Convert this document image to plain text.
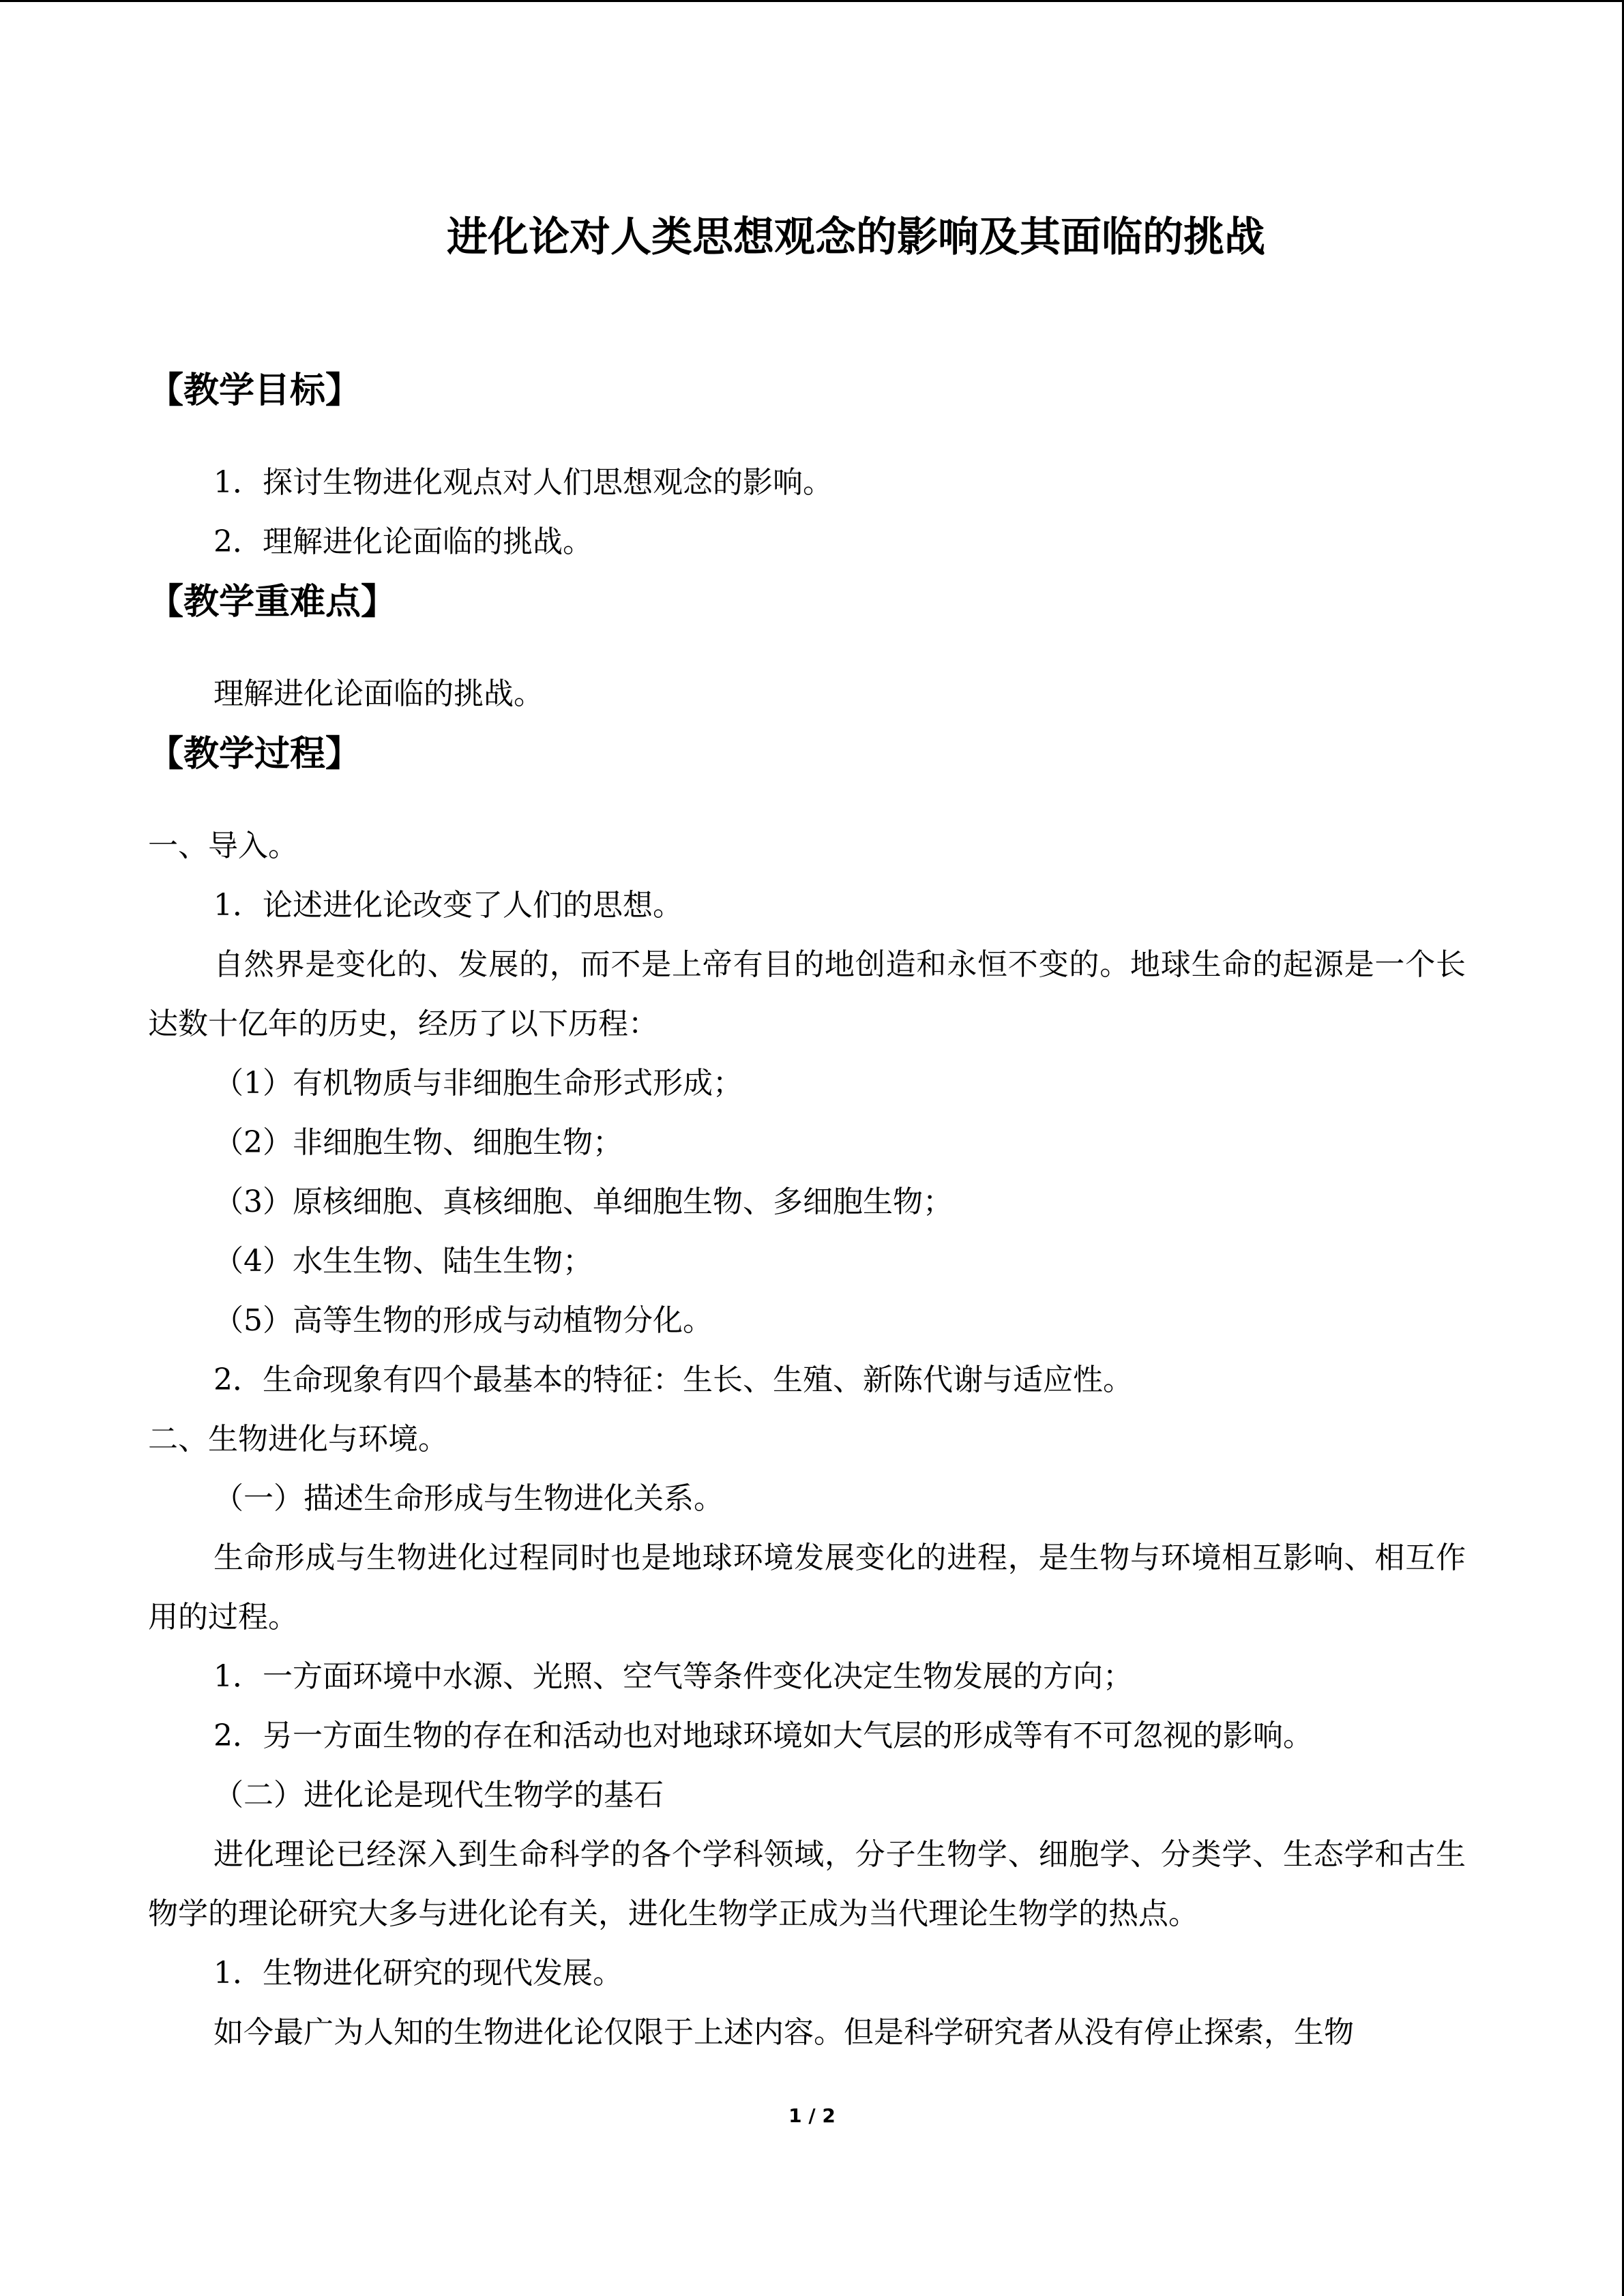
进化论对人类思想观念的影响及其面临的挑战
【教学目标】

1．探讨生物进化观点对人们思想观念的影响。

2．理解进化论面临的挑战。

【教学重难点】

理解进化论面临的挑战。

【教学过程】

一、导入。

1．论述进化论改变了人们的思想。

自然界是变化的、发展的，而不是上帝有目的地创造和永恒不变的。地球生命的起源是一个长达数十亿年的历史，经历了以下历程：

（1）有机物质与非细胞生命形式形成；

（2）非细胞生物、细胞生物；

（3）原核细胞、真核细胞、单细胞生物、多细胞生物；

（4）水生生物、陆生生物；

（5）高等生物的形成与动植物分化。

2．生命现象有四个最基本的特征：生长、生殖、新陈代谢与适应性。

二、生物进化与环境。

（一）描述生命形成与生物进化关系。

生命形成与生物进化过程同时也是地球环境发展变化的进程，是生物与环境相互影响、相互作用的过程。

1．一方面环境中水源、光照、空气等条件变化决定生物发展的方向；

2．另一方面生物的存在和活动也对地球环境如大气层的形成等有不可忽视的影响。

（二）进化论是现代生物学的基石

进化理论已经深入到生命科学的各个学科领域，分子生物学、细胞学、分类学、生态学和古生物学的理论研究大多与进化论有关，进化生物学正成为当代理论生物学的热点。

1．生物进化研究的现代发展。

如今最广为人知的生物进化论仅限于上述内容。但是科学研究者从没有停止探索，生物

1 / 2
